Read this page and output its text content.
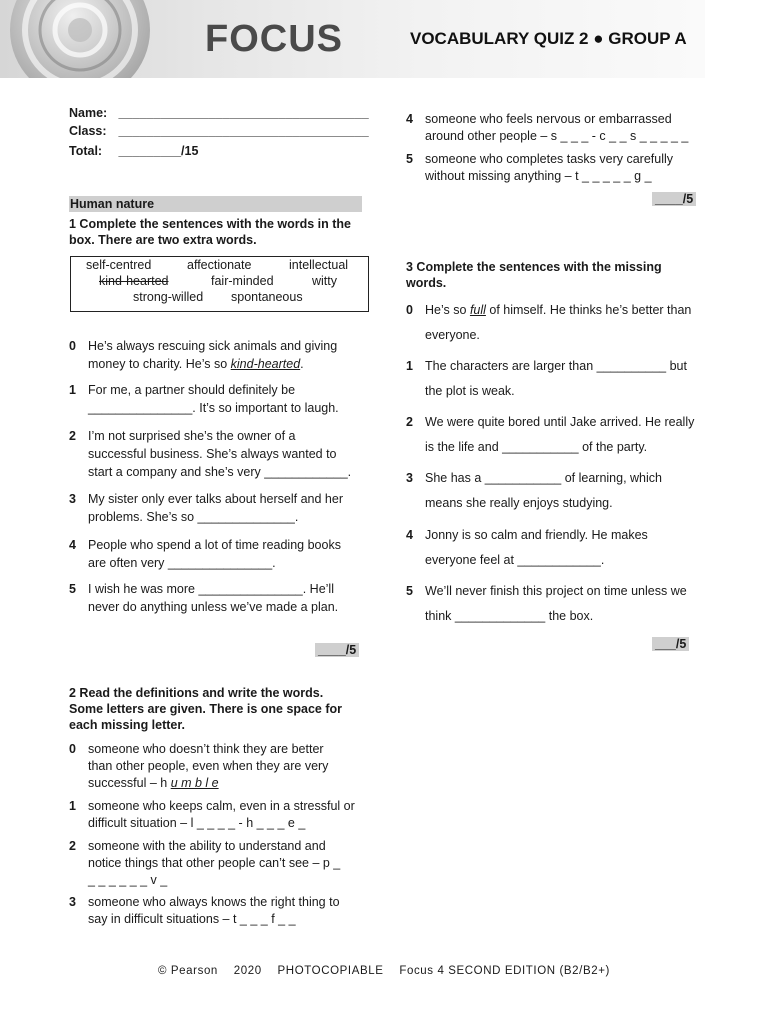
FOCUS	VOCABULARY QUIZ 2 ● GROUP A
Name: ____________________________________
Class: ____________________________________
Total: _________/15
Human nature
1 Complete the sentences with the words in the box. There are two extra words.
self-centred	affectionate	intellectual
kind-hearted	fair-minded	witty
strong-willed spontaneous
0 He’s always rescuing sick animals and giving money to charity. He’s so kind-hearted.
1 For me, a partner should definitely be _______________. It’s so important to laugh.
2 I’m not surprised she’s the owner of a successful business. She’s always wanted to start a company and she’s very ____________.
3 My sister only ever talks about herself and her problems. She’s so ______________.
4 People who spend a lot of time reading books are often very _______________.
5 I wish he was more _______________. He’ll never do anything unless we’ve made a plan.
____/5
2 Read the definitions and write the words. Some letters are given. There is one space for each missing letter.
0 someone who doesn’t think they are better than other people, even when they are very successful – h u m b l e
1 someone who keeps calm, even in a stressful or difficult situation – l _ _ _ _ - h _ _ _ e _
2 someone with the ability to understand and notice things that other people can’t see – p _ _ _ _ _ _ _ v _
3 someone who always knows the right thing to say in difficult situations – t _ _ _ f _ _
4 someone who feels nervous or embarrassed around other people – s _ _ _ - c _ _ s _ _ _ _ _
5 someone who completes tasks very carefully without missing anything – t _ _ _ _ _ g _
____/5
3 Complete the sentences with the missing words.
0 He’s so full of himself. He thinks he’s better than everyone.
1 The characters are larger than __________ but the plot is weak.
2 We were quite bored until Jake arrived. He really is the life and ___________ of the party.
3 She has a ___________ of learning, which means she really enjoys studying.
4 Jonny is so calm and friendly. He makes everyone feel at ____________.
5 We’ll never finish this project on time unless we think _____________ the box.
___/5
© Pearson 2020 PHOTOCOPIABLE Focus 4 SECOND EDITION (B2/B2+)
